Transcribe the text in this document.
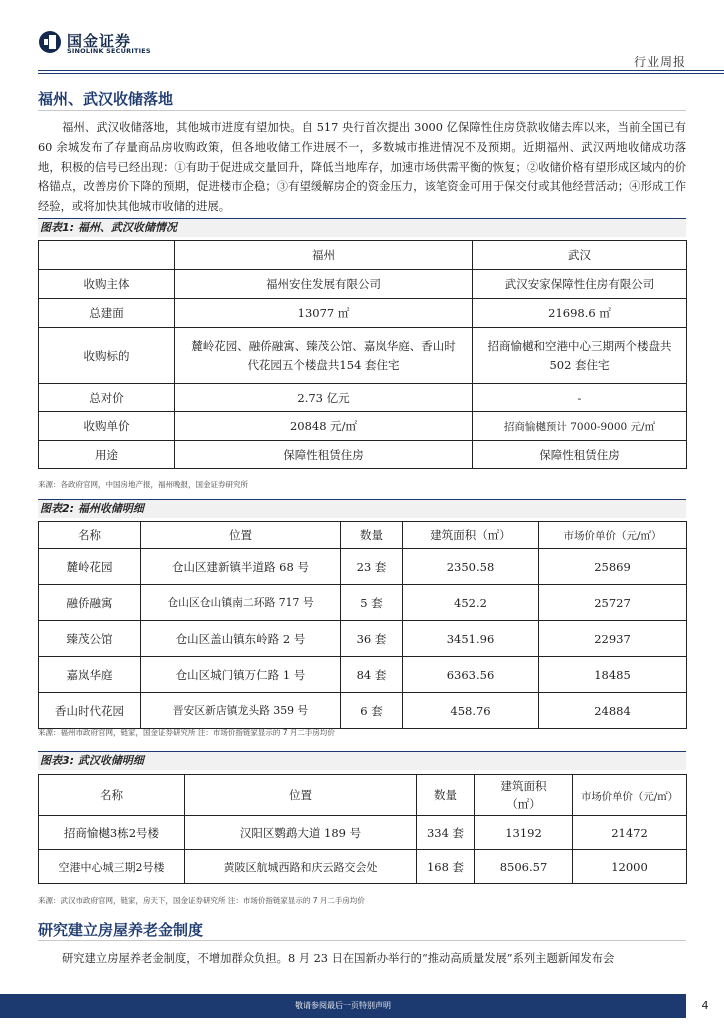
国金证券
SINOLINK SECURITIES
行业周报
福州、武汉收储落地
福州、武汉收储落地，其他城市进度有望加快。自 517 央行首次提出 3000 亿保障性住房贷款收储去库以来，当前全国已有 60 余城发布了存量商品房收购政策，但各地收储工作进展不一，多数城市推进情况不及预期。近期福州、武汉两地收储成功落地，积极的信号已经出现：①有助于促进成交量回升，降低当地库存，加速市场供需平衡的恢复；②收储价格有望形成区域内的价格锚点，改善房价下降的预期，促进楼市企稳；③有望缓解房企的资金压力，该笔资金可用于保交付或其他经营活动；④形成工作经验，或将加快其他城市收储的进展。
图表1: 福州、武汉收储情况
	福州	武汉
收购主体	福州安住发展有限公司	武汉安家保障性住房有限公司
总建面	13077 ㎡	21698.6 ㎡
收购标的	麓岭花园、融侨融寓、臻茂公馆、嘉岚华庭、香山时代花园五个楼盘共154 套住宅	招商愉樾和空港中心三期两个楼盘共 502 套住宅
总对价	2.73 亿元	-
收购单价	20848 元/㎡	招商愉樾预计 7000-9000 元/㎡
用途	保障性租赁住房	保障性租赁住房
来源：各政府官网，中国房地产报，福州晚报，国金证券研究所
图表2: 福州收储明细
名称	位置	数量	建筑面积（㎡）	市场价单价（元/㎡）
麓岭花园	仓山区建新镇半道路 68 号	23 套	2350.58	25869
融侨融寓	仓山区仓山镇南二环路 717 号	5 套	452.2	25727
臻茂公馆	仓山区盖山镇东岭路 2 号	36 套	3451.96	22937
嘉岚华庭	仓山区城门镇万仁路 1 号	84 套	6363.56	18485
香山时代花园	晋安区新店镇龙头路 359 号	6 套	458.76	24884
来源：福州市政府官网，链家，国金证券研究所 注：市场价指链家显示的 7 月二手房均价
图表3: 武汉收储明细
名称	位置	数量	建筑面积（㎡）	市场价单价（元/㎡）
招商愉樾3栋2号楼	汉阳区鹦鹉大道 189 号	334 套	13192	21472
空港中心城三期2号楼	黄陂区航城西路和庆云路交会处	168 套	8506.57	12000
来源：武汉市政府官网，链家，房天下，国金证券研究所 注：市场价指链家显示的 7 月二手房均价
研究建立房屋养老金制度
研究建立房屋养老金制度，不增加群众负担。8 月 23 日在国新办举行的“推动高质量发展”系列主题新闻发布会
敬请参阅最后一页特别声明	4
